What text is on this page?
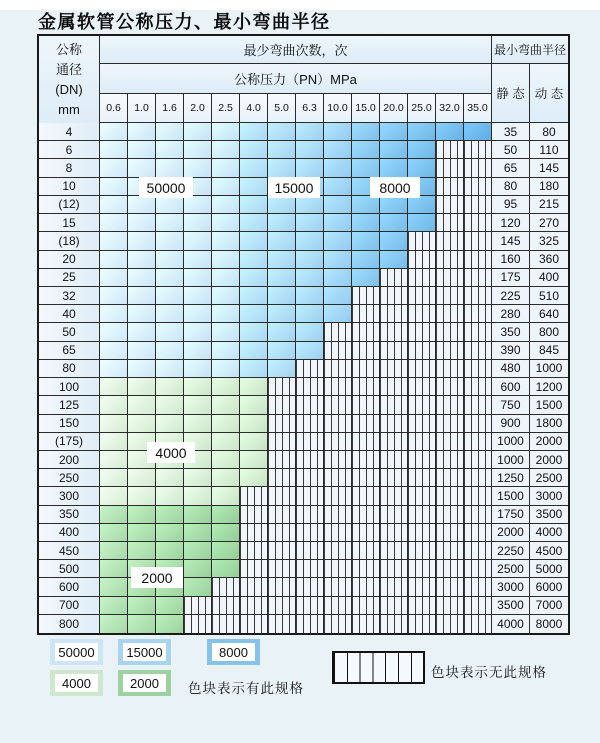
金属软管公称压力、最小弯曲半径
公称
通径
(DN)
mm
最少弯曲次数，次
公称压力（PN）MPa
0.6	1.0	1.6	2.0	2.5	4.0	5.0	6.3 10.0 15.0 20.0 25.0 32.0 35.0
最小弯曲半径
静 态 动 态
4	35	80
6	50	110
8	65	145
10	80	180
(12)	95	215
15	120	270
(18)	145	325
20	160	360
25	175	400
32	225	510
40	280	640
50	350	800
65	390	845
80	480	1000
100	600	1200
125	750	1500
150	900	1800
(175)	1000 2000
200	1000 2000
250	1250 2500
300	1500 3000
350	1750 3500
400	2000 4000
450	2250 4500
500	2500 5000
600	3000 6000
700	3500 7000
800	4000 8000
50000	15000	8000
4000
2000
50000 15000	8000
4000	2000	色块表示有此规格
色块表示无此规格
